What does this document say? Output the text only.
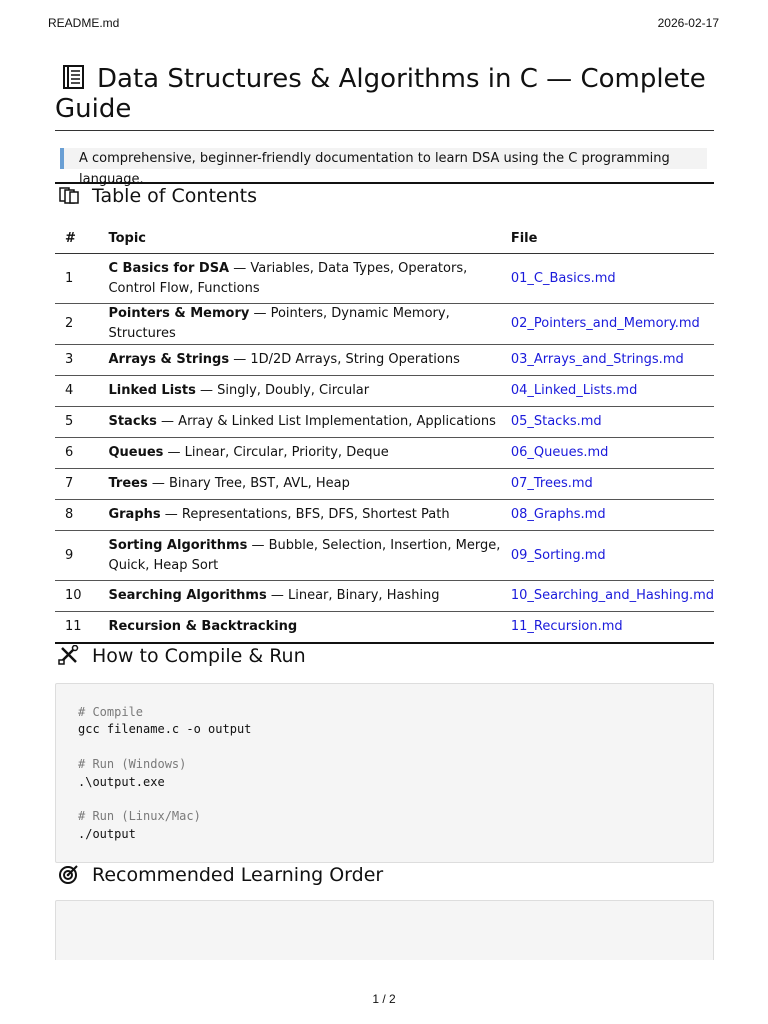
README.md	2026-02-17
Data Structures & Algorithms in C — Complete Guide
A comprehensive, beginner-friendly documentation to learn DSA using the C programming language.
Table of Contents
#	Topic	File
1	C Basics for DSA — Variables, Data Types, Operators, Control Flow, Functions	01_C_Basics.md
2	Pointers & Memory — Pointers, Dynamic Memory, Structures	02_Pointers_and_Memory.md
3	Arrays & Strings — 1D/2D Arrays, String Operations	03_Arrays_and_Strings.md
4	Linked Lists — Singly, Doubly, Circular	04_Linked_Lists.md
5	Stacks — Array & Linked List Implementation, Applications	05_Stacks.md
6	Queues — Linear, Circular, Priority, Deque	06_Queues.md
7	Trees — Binary Tree, BST, AVL, Heap	07_Trees.md
8	Graphs — Representations, BFS, DFS, Shortest Path	08_Graphs.md
9	Sorting Algorithms — Bubble, Selection, Insertion, Merge, Quick, Heap Sort	09_Sorting.md
10	Searching Algorithms — Linear, Binary, Hashing	10_Searching_and_Hashing.md
11	Recursion & Backtracking	11_Recursion.md
How to Compile & Run
# Compile
gcc filename.c -o output
# Run (Windows)
.\output.exe
# Run (Linux/Mac)
./output
Recommended Learning Order
1 / 2
